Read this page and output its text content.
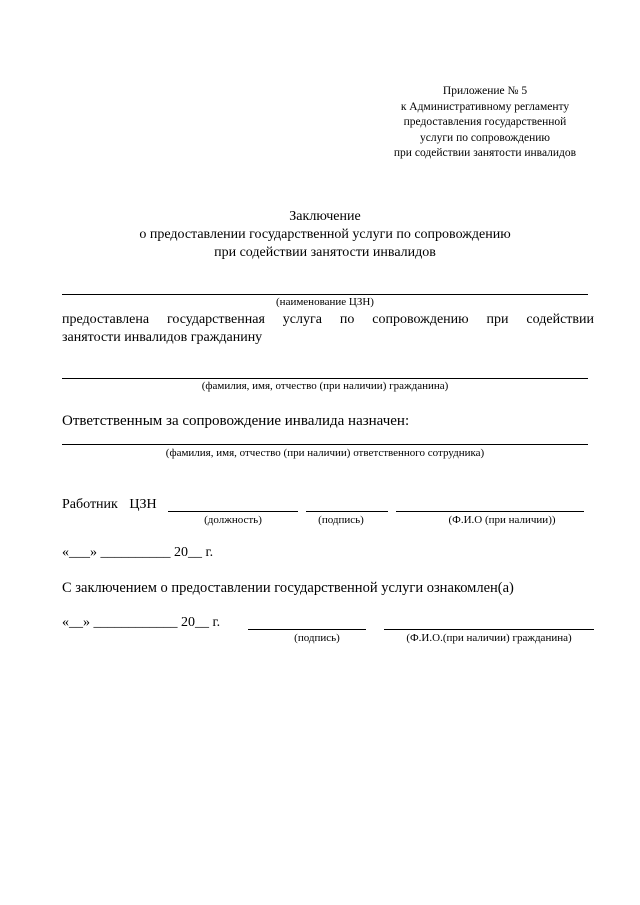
Приложение № 5
к Административному регламенту
предоставления государственной
услуги по сопровождению
при содействии занятости инвалидов
Заключение
о предоставлении государственной услуги по сопровождению
при содействии занятости инвалидов
(наименование ЦЗН)
предоставлена государственная услуга по сопровождению при содействии
занятости инвалидов гражданину
(фамилия, имя, отчество (при наличии) гражданина)
Ответственным за сопровождение инвалида назначен:
(фамилия, имя, отчество (при наличии) ответственного сотрудника)
Работник ЦЗН
(должность)	(подпись)	(Ф.И.О (при наличии))
«___» __________ 20__ г.
С заключением о предоставлении государственной услуги ознакомлен(а)
«__» ____________ 20__ г.
(подпись)	(Ф.И.О.(при наличии) гражданина)
